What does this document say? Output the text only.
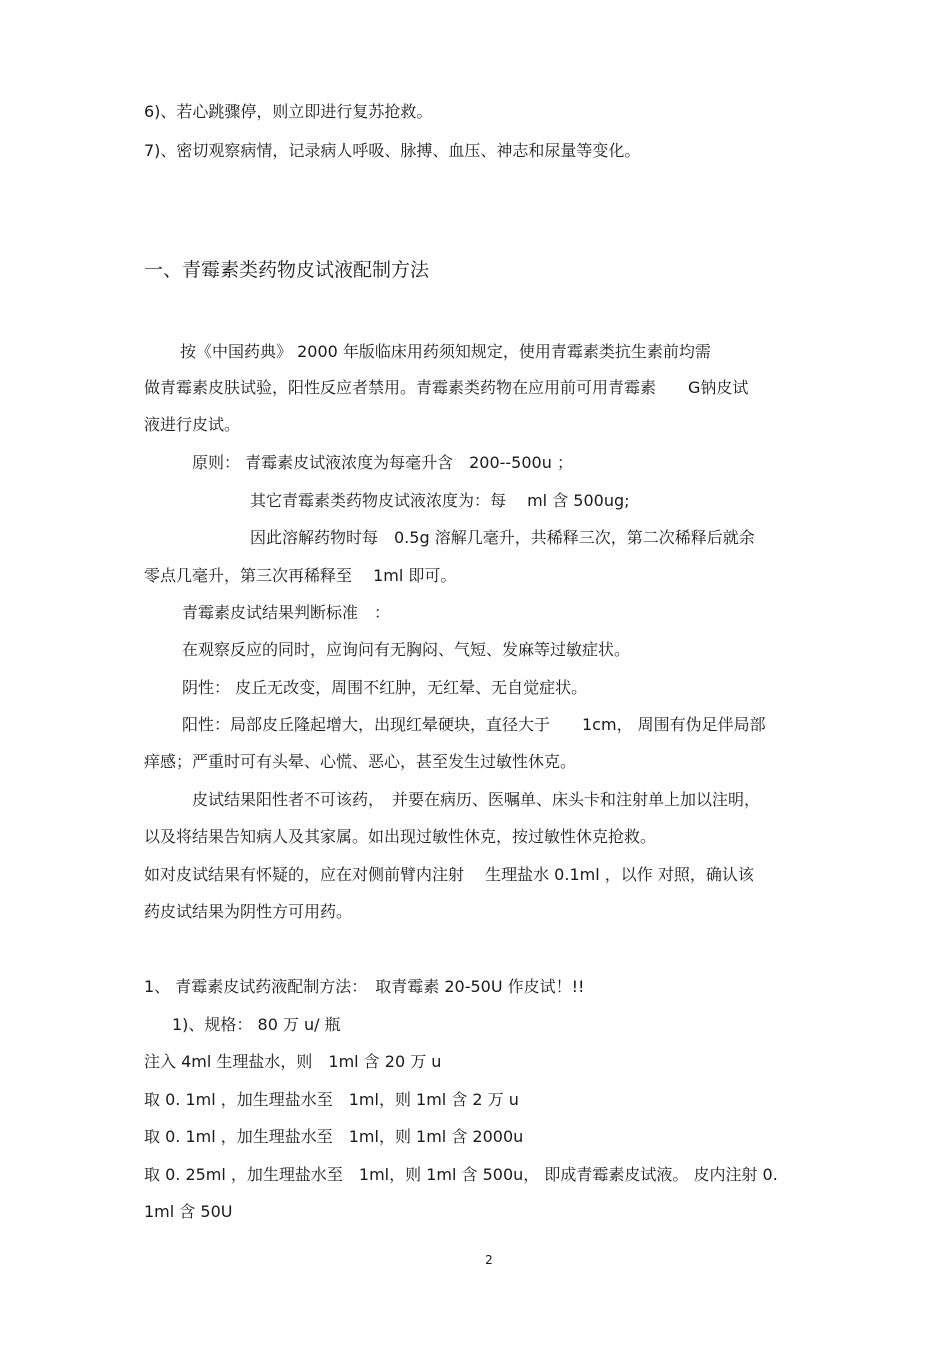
6)、若心跳骤停，则立即进行复苏抢救。
7)、密切观察病情，记录病人呼吸、脉搏、血压、神志和尿量等变化。
一、青霉素类药物皮试液配制方法
按《中国药典》 2000 年版临床用药须知规定，使用青霉素类抗生素前均需
做青霉素皮肤试验，阳性反应者禁用。青霉素类药物在应用前可用青霉素　　G钠皮试
液进行皮试。
原则： 青霉素皮试液浓度为每毫升含　200--500u ；
其它青霉素类药物皮试液浓度为：每　 ml 含 500ug;
因此溶解药物时每　0.5g 溶解几毫升，共稀释三次，第二次稀释后就余
零点几毫升，第三次再稀释至　 1ml 即可。
青霉素皮试结果判断标准　：
在观察反应的同时，应询问有无胸闷、气短、发麻等过敏症状。
阴性： 皮丘无改变，周围不红肿，无红晕、无自觉症状。
阳性：局部皮丘隆起增大，出现红晕硬块，直径大于　　1cm， 周围有伪足伴局部
痒感；严重时可有头晕、心慌、恶心，甚至发生过敏性休克。
皮试结果阳性者不可该药，　并要在病历、医嘱单、床头卡和注射单上加以注明，
以及将结果告知病人及其家属。如出现过敏性休克，按过敏性休克抢救。
如对皮试结果有怀疑的，应在对侧前臂内注射　 生理盐水 0.1ml ，以作 对照，确认该
药皮试结果为阴性方可用药。
1、 青霉素皮试药液配制方法：　取青霉素 20-50U 作皮试！!!
1)、规格： 80 万 u/ 瓶
注入 4ml 生理盐水，则　1ml 含 20 万 u
取 0. 1ml ，加生理盐水至　1ml，则 1ml 含 2 万 u
取 0. 1ml ，加生理盐水至　1ml，则 1ml 含 2000u
取 0. 25ml ，加生理盐水至　1ml，则 1ml 含 500u， 即成青霉素皮试液。 皮内注射 0.
1ml 含 50U
2
